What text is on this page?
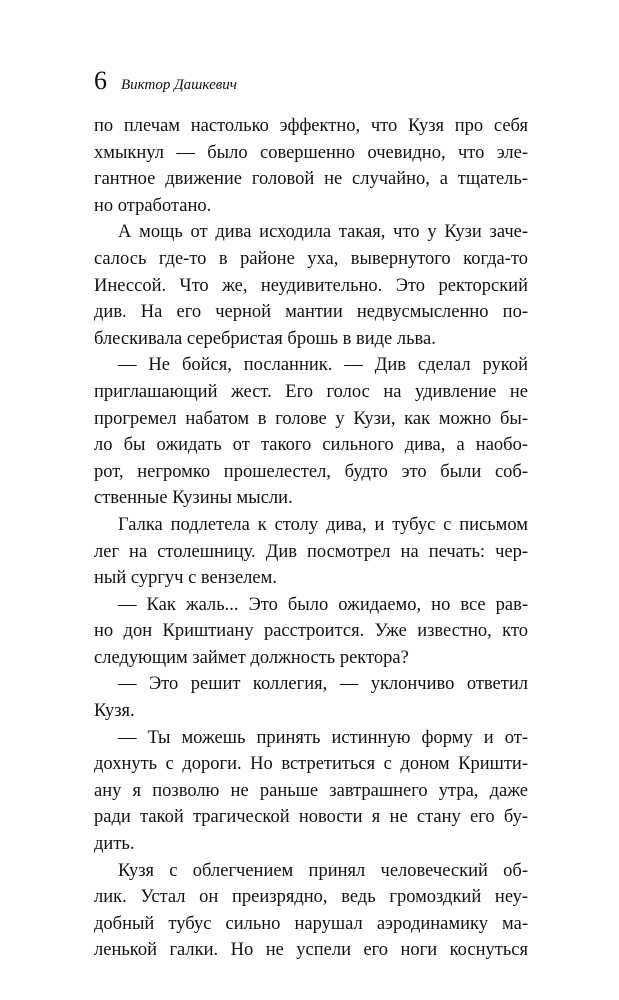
6 Виктор Дашкевич
по плечам настолько эффектно, что Кузя про себя
хмыкнул — было совершенно очевидно, что эле-
гантное движение головой не случайно, а тщатель-
но отработано.
А мощь от дива исходила такая, что у Кузи заче-
салось где-то в районе уха, вывернутого когда-то
Инессой. Что же, неудивительно. Это ректорский
див. На его черной мантии недвусмысленно по-
блескивала серебристая брошь в виде льва.
— Не бойся, посланник. — Див сделал рукой
приглашающий жест. Его голос на удивление не
прогремел набатом в голове у Кузи, как можно бы-
ло бы ожидать от такого сильного дива, а наобо-
рот, негромко прошелестел, будто это были соб-
ственные Кузины мысли.
Галка подлетела к столу дива, и тубус с письмом
лег на столешницу. Див посмотрел на печать: чер-
ный сургуч с вензелем.
— Как жаль... Это было ожидаемо, но все рав-
но дон Криштиану расстроится. Уже известно, кто
следующим займет должность ректора?
— Это решит коллегия, — уклончиво ответил
Кузя.
— Ты можешь принять истинную форму и от-
дохнуть с дороги. Но встретиться с доном Кришти-
ану я позволю не раньше завтрашнего утра, даже
ради такой трагической новости я не стану его бу-
дить.
Кузя с облегчением принял человеческий об-
лик. Устал он преизрядно, ведь громоздкий неу-
добный тубус сильно нарушал аэродинамику ма-
ленькой галки. Но не успели его ноги коснуться
